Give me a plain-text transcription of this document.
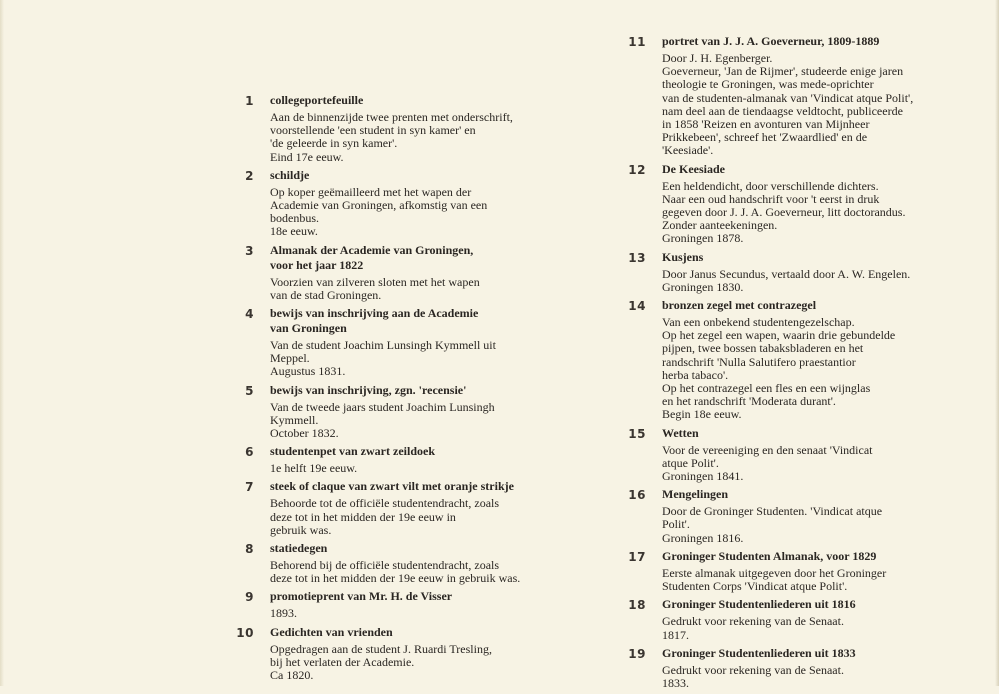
1 collegeportefeuille
Aan de binnenzijde twee prenten met onderschrift,
voorstellende 'een student in syn kamer' en
'de geleerde in syn kamer'.
Eind 17e eeuw.
2 schildje
Op koper geëmailleerd met het wapen der
Academie van Groningen, afkomstig van een
bodenbus.
18e eeuw.
3 Almanak der Academie van Groningen,
voor het jaar 1822
Voorzien van zilveren sloten met het wapen
van de stad Groningen.
4 bewijs van inschrijving aan de Academie
van Groningen
Van de student Joachim Lunsingh Kymmell uit
Meppel.
Augustus 1831.
5 bewijs van inschrijving, zgn. 'recensie'
Van de tweede jaars student Joachim Lunsingh
Kymmell.
October 1832.
6 studentenpet van zwart zeildoek
1e helft 19e eeuw.
7 steek of claque van zwart vilt met oranje strikje
Behoorde tot de officiële studentendracht, zoals
deze tot in het midden der 19e eeuw in
gebruik was.
8 statiedegen
Behorend bij de officiële studentendracht, zoals
deze tot in het midden der 19e eeuw in gebruik was.
9 promotieprent van Mr. H. de Visser
1893.
10 Gedichten van vrienden
Opgedragen aan de student J. Ruardi Tresling,
bij het verlaten der Academie.
Ca 1820.
11 portret van J. J. A. Goeverneur, 1809-1889
Door J. H. Egenberger.
Goeverneur, 'Jan de Rijmer', studeerde enige jaren
theologie te Groningen, was mede-oprichter
van de studenten-almanak van 'Vindicat atque Polit',
nam deel aan de tiendaagse veldtocht, publiceerde
in 1858 'Reizen en avonturen van Mijnheer
Prikkebeen', schreef het 'Zwaardlied' en de
'Keesiade'.
12 De Keesiade
Een heldendicht, door verschillende dichters.
Naar een oud handschrift voor 't eerst in druk
gegeven door J. J. A. Goeverneur, litt doctorandus.
Zonder aanteekeningen.
Groningen 1878.
13 Kusjens
Door Janus Secundus, vertaald door A. W. Engelen.
Groningen 1830.
14 bronzen zegel met contrazegel
Van een onbekend studentengezelschap.
Op het zegel een wapen, waarin drie gebundelde
pijpen, twee bossen tabaksbladeren en het
randschrift 'Nulla Salutifero praestantior
herba tabaco'.
Op het contrazegel een fles en een wijnglas
en het randschrift 'Moderata durant'.
Begin 18e eeuw.
15 Wetten
Voor de vereeniging en den senaat 'Vindicat
atque Polit'.
Groningen 1841.
16 Mengelingen
Door de Groninger Studenten. 'Vindicat atque
Polit'.
Groningen 1816.
17 Groninger Studenten Almanak, voor 1829
Eerste almanak uitgegeven door het Groninger
Studenten Corps 'Vindicat atque Polit'.
18 Groninger Studentenliederen uit 1816
Gedrukt voor rekening van de Senaat.
1817.
19 Groninger Studentenliederen uit 1833
Gedrukt voor rekening van de Senaat.
1833.
